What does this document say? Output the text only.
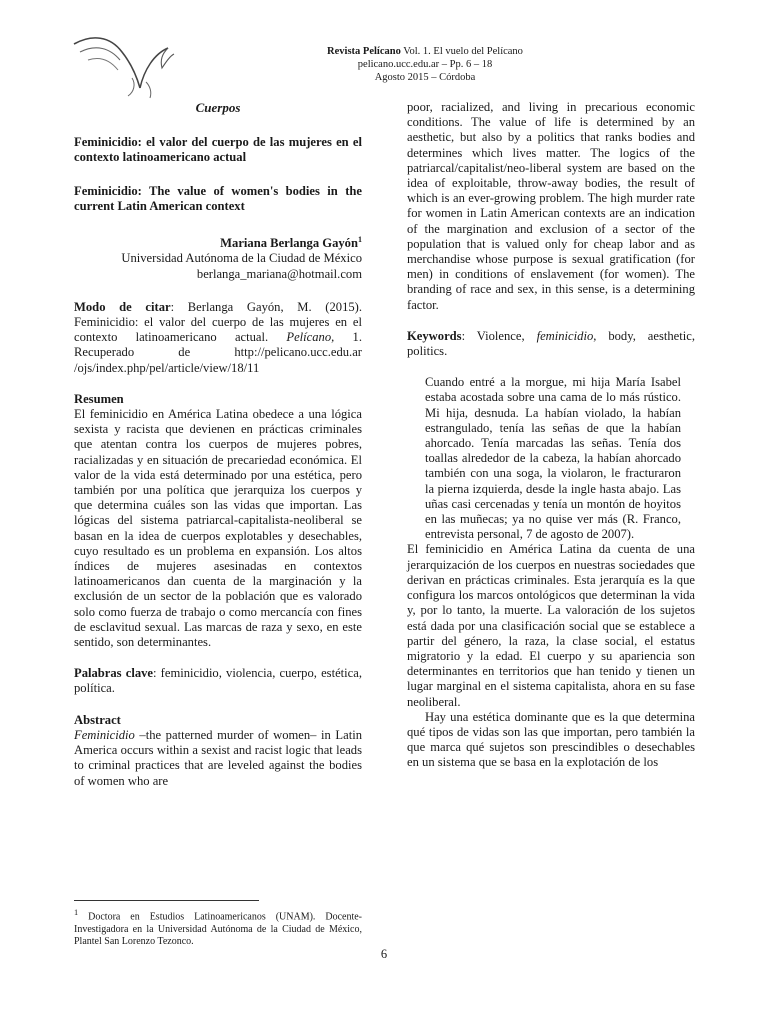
Revista Pelícano Vol. 1. El vuelo del Pelícano
pelicano.ucc.edu.ar – Pp. 6 – 18
Agosto 2015 – Córdoba
Cuerpos
Feminicidio: el valor del cuerpo de las mujeres en el contexto latinoamericano actual
Feminicidio: The value of women's bodies in the current Latin American context

Mariana Berlanga Gayón$^1$

Universidad Autónoma de la Ciudad de México

berlanga_mariana@hotmail.com

Modo de citar: Berlanga Gayón, M. (2015). Feminicidio: el valor del cuerpo de las mujeres en el contexto latinoamericano actual. Pelícano, 1. Recuperado de http://pelicano.ucc.edu.ar /ojs/index.php/pel/article/view/18/11

Resumen

El feminicidio en América Latina obedece a una lógica sexista y racista que devienen en prácticas criminales que atentan contra los cuerpos de mujeres pobres, racializadas y en situación de precariedad económica. El valor de la vida está determinado por una estética, pero también por una política que jerarquiza los cuerpos y que determina cuáles son las vidas que importan. Las lógicas del sistema patriarcal-capitalista-neoliberal se basan en la idea de cuerpos explotables y desechables, cuyo resultado es un problema en expansión. Los altos índices de mujeres asesinadas en contextos latinoamericanos dan cuenta de la marginación y la exclusión de un sector de la población que es valorado solo como fuerza de trabajo o como mercancía con fines de esclavitud sexual. Las marcas de raza y sexo, en este sentido, son determinantes.

Palabras clave: feminicidio, violencia, cuerpo, estética, política.

Abstract

Feminicidio –the patterned murder of women– in Latin America occurs within a sexist and racist logic that leads to criminal practices that are leveled against the bodies of women who are

poor, racialized, and living in precarious economic conditions. The value of life is determined by an aesthetic, but also by a politics that ranks bodies and determines which lives matter. The logics of the patriarcal/capitalist/neo-liberal system are based on the idea of exploitable, throw-away bodies, the result of which is an ever-growing problem. The high murder rate for women in Latin American contexts are an indication of the margination and exclusion of a sector of the population that is valued only for cheap labor and as merchandise whose purpose is sexual gratification (for men) in conditions of enslavement (for women). The branding of race and sex, in this sense, is a determining factor.

Keywords: Violence, feminicidio, body, aesthetic, politics.

Cuando entré a la morgue, mi hija María Isabel estaba acostada sobre una cama de lo más rústico. Mi hija, desnuda. La habían violado, la habían estrangulado, tenía las señas de que la habían ahorcado. Tenía marcadas las señas. Tenía dos toallas alrededor de la cabeza, la habían ahorcado también con una soga, la violaron, le fracturaron la pierna izquierda, desde la ingle hasta abajo. Las uñas casi cercenadas y tenía un montón de hoyitos en las muñecas; ya no quise ver más (R. Franco, entrevista personal, 7 de agosto de 2007).

El feminicidio en América Latina da cuenta de una jerarquización de los cuerpos en nuestras sociedades que derivan en prácticas criminales. Esta jerarquía es la que configura los marcos ontológicos que determinan la vida y, por lo tanto, la muerte. La valoración de los sujetos está dada por una clasificación social que se establece a partir del género, la raza, la clase social, el estatus migratorio y la edad. El cuerpo y su apariencia son determinantes en territorios que han tenido y tienen un lugar marginal en el sistema capitalista, ahora en su fase neoliberal.

Hay una estética dominante que es la que determina qué tipos de vidas son las que importan, pero también la que marca qué sujetos son prescindibles o desechables en un sistema que se basa en la explotación de los

$^1$ Doctora en Estudios Latinoamericanos (UNAM). Docente-Investigadora en la Universidad Autónoma de la Ciudad de México, Plantel San Lorenzo Tezonco.
6
